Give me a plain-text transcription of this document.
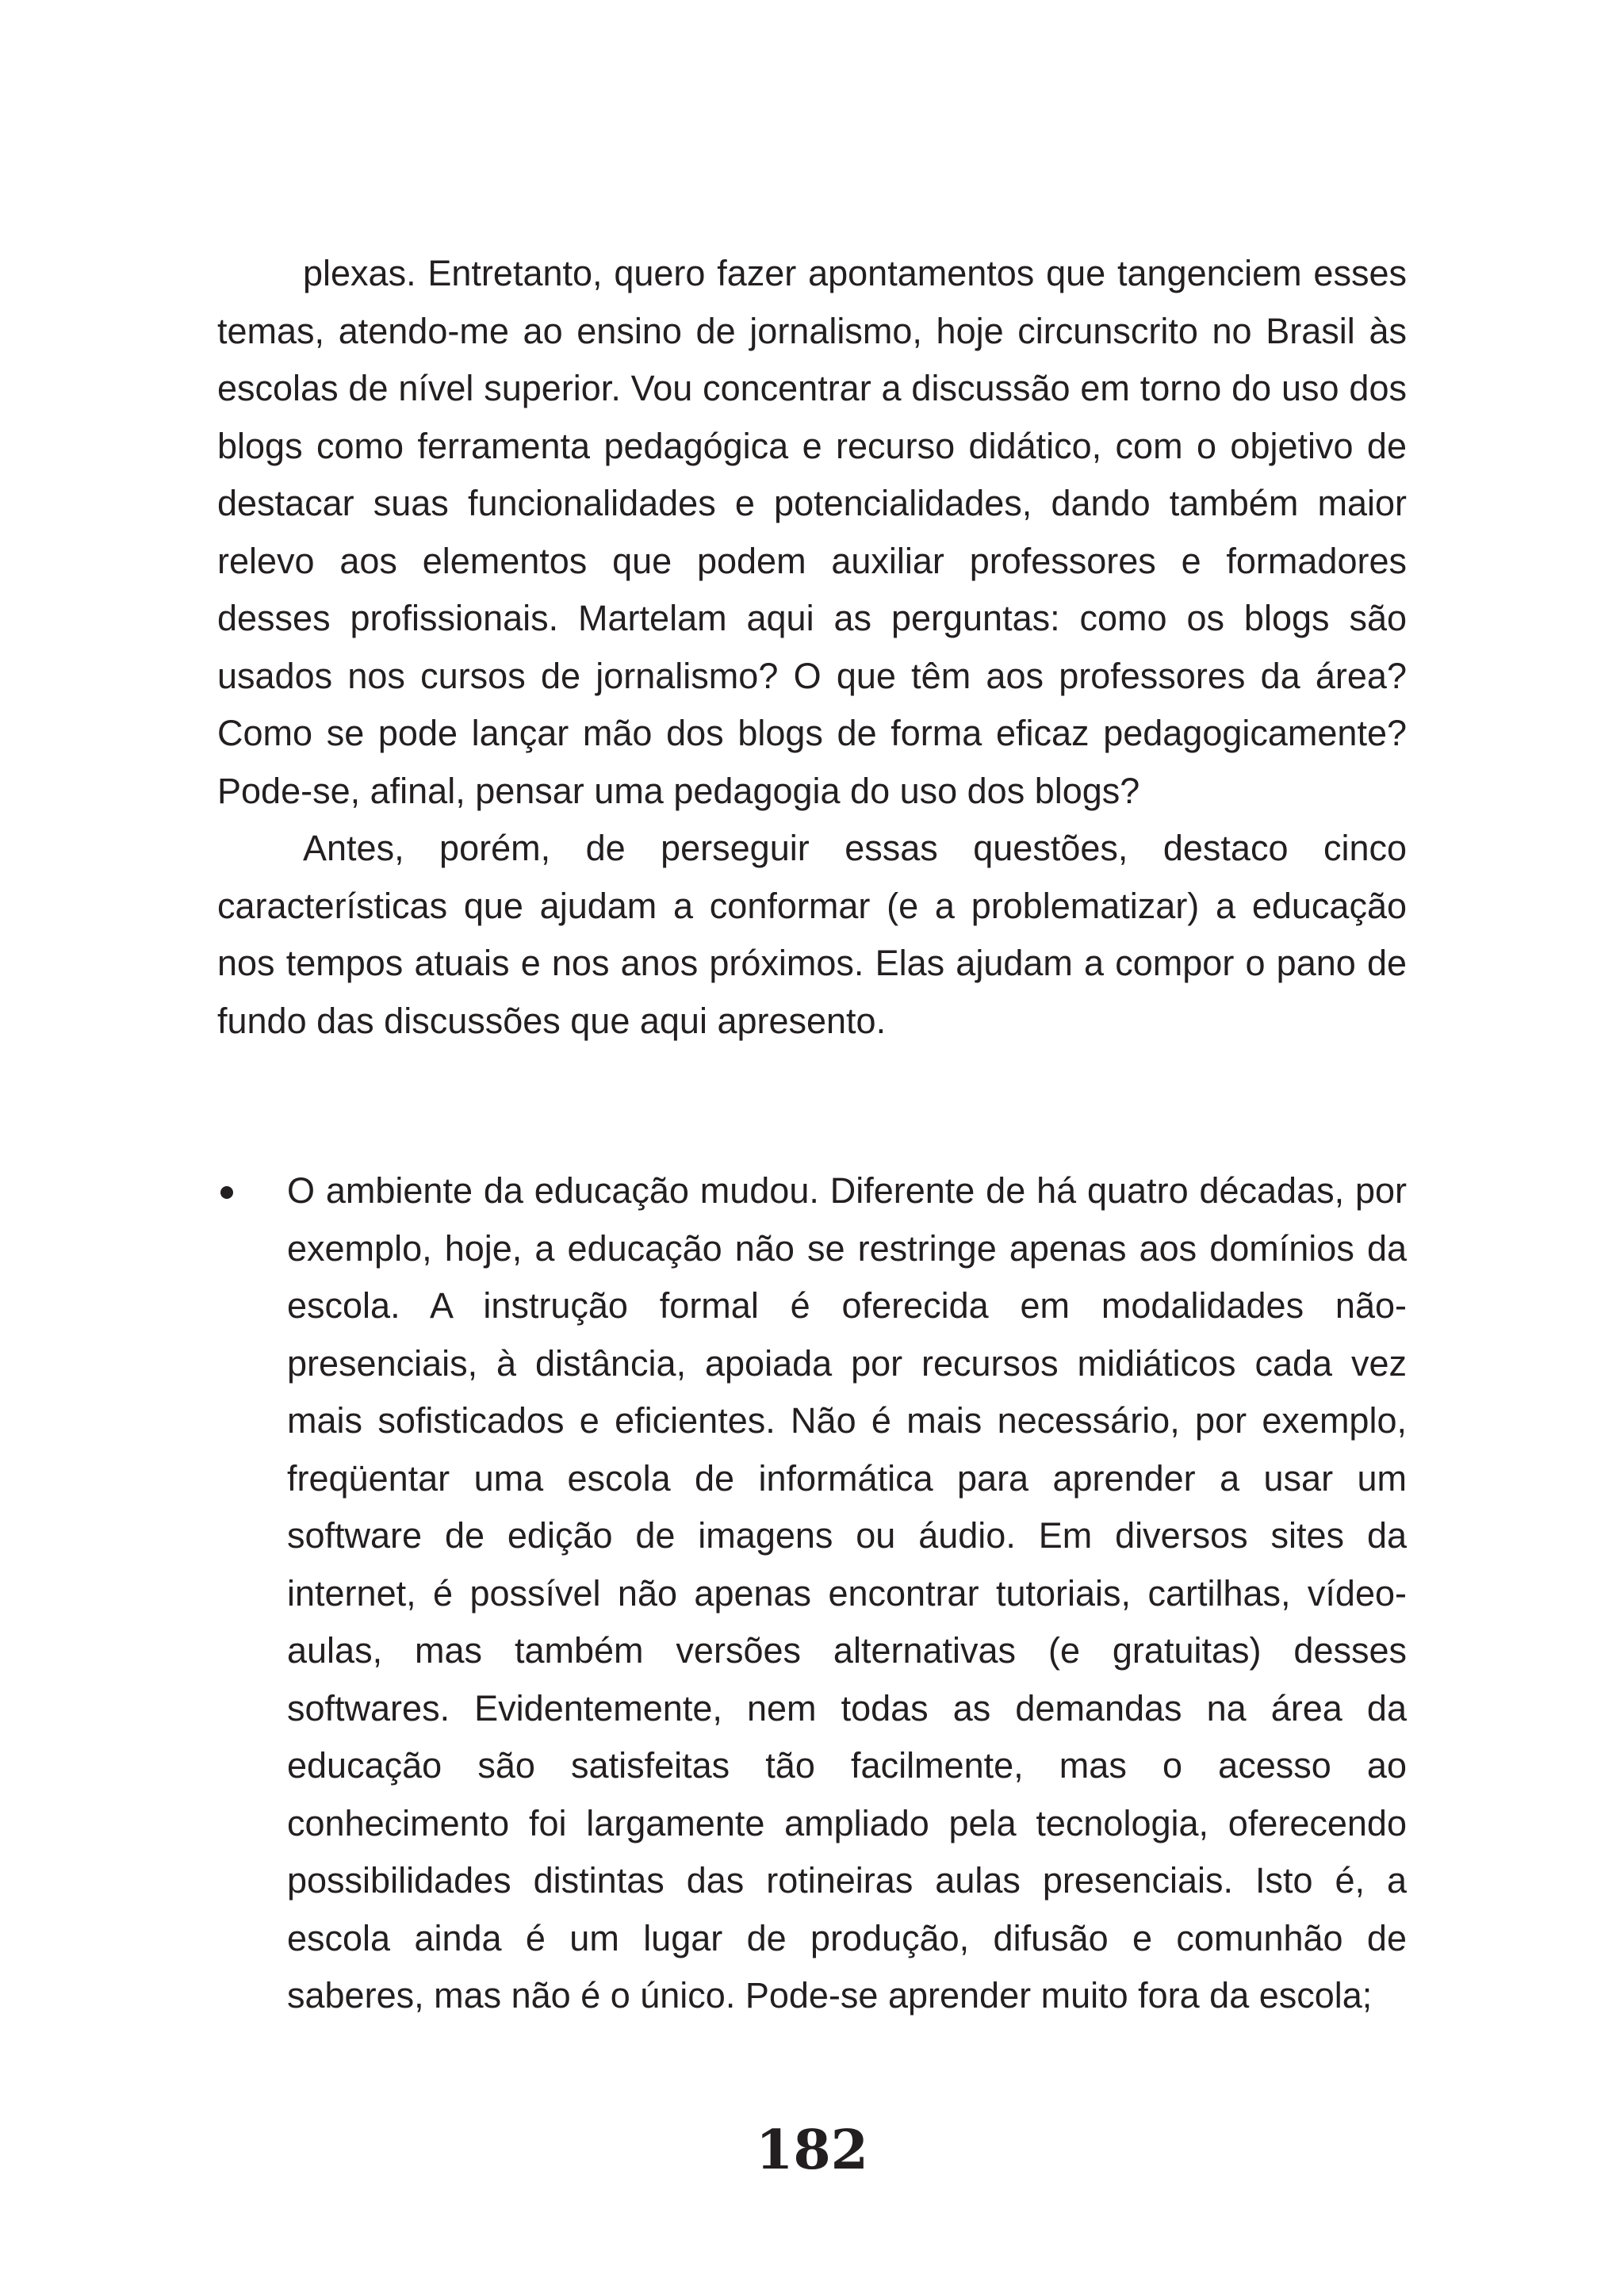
plexas. Entretanto, quero fazer apontamentos que tangenciem esses temas, atendo-me ao ensino de jornalismo, hoje circunscrito no Brasil às escolas de nível superior. Vou concentrar a discussão em torno do uso dos blogs como ferramenta pedagógica e recurso didático, com o objetivo de destacar suas funcionalidades e potencialidades, dando também maior relevo aos elementos que podem auxiliar professores e formadores desses profissionais. Martelam aqui as perguntas: como os blogs são usados nos cursos de jornalismo? O que têm aos professores da área? Como se pode lançar mão dos blogs de forma eficaz pedagogicamente? Pode-se, afinal, pensar uma pedagogia do uso dos blogs?

Antes, porém, de perseguir essas questões, destaco cinco características que ajudam a conformar (e a problematizar) a educação nos tempos atuais e nos anos próximos. Elas ajudam a compor o pano de fundo das discussões que aqui apresento.

O ambiente da educação mudou. Diferente de há quatro décadas, por exemplo, hoje, a educação não se restringe apenas aos domínios da escola. A instrução formal é oferecida em modalidades não-presenciais, à distância, apoiada por recursos midiáticos cada vez mais sofisticados e eficientes. Não é mais necessário, por exemplo, freqüentar uma escola de informática para aprender a usar um software de edição de imagens ou áudio. Em diversos sites da internet, é possível não apenas encontrar tutoriais, cartilhas, vídeo-aulas, mas também versões alternativas (e gratuitas) desses softwares. Evidentemente, nem todas as demandas na área da educação são satisfeitas tão facilmente, mas o acesso ao conhecimento foi largamente ampliado pela tecnologia, oferecendo possibilidades distintas das rotineiras aulas presenciais. Isto é, a escola ainda é um lugar de produção, difusão e comunhão de saberes, mas não é o único. Pode-se aprender muito fora da escola;

182
